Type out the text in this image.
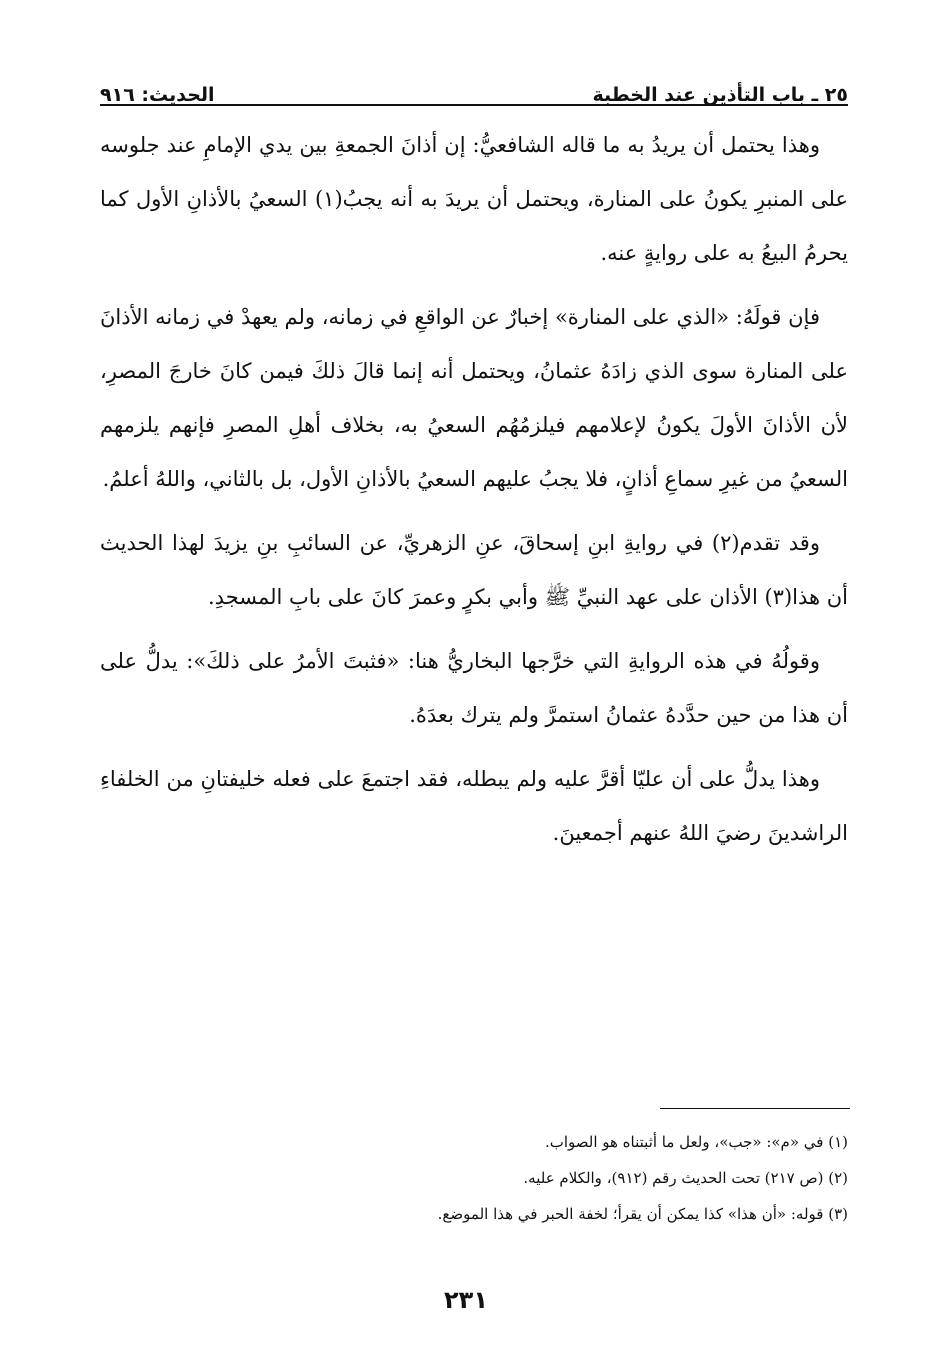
٢٥ ـ باب التأذين عند الخطبة
الحديث: ٩١٦

وهذا يحتمل أن يريدُ به ما قاله الشافعيُّ: إن أذانَ الجمعةِ بين يدي الإمامِ عند جلوسه على المنبرِ يكونُ على المنارة، ويحتمل أن يريدَ به أنه يجبُ(١) السعيُ بالأذانِ الأول كما يحرمُ البيعُ به على روايةٍ عنه.

فإن قولَهُ: «الذي على المنارة» إخبارٌ عن الواقعِ في زمانه، ولم يعهدْ في زمانه الأذانَ على المنارة سوى الذي زادَهُ عثمانُ، ويحتمل أنه إنما قالَ ذلكَ فيمن كانَ خارجَ المصرِ، لأن الأذانَ الأولَ يكونُ لإعلامهم فيلزمُهُم السعيُ به، بخلاف أهلِ المصرِ فإنهم يلزمهم السعيُ من غيرِ سماعِ أذانٍ، فلا يجبُ عليهم السعيُ بالأذانِ الأول، بل بالثاني، واللهُ أعلمُ.

وقد تقدم(٢) في روايةِ ابنِ إسحاقَ، عنِ الزهريِّ، عن السائبِ بنِ يزيدَ لهذا الحديث أن هذا(٣) الأذان على عهد النبيِّ ﷺ وأبي بكرٍ وعمرَ كانَ على بابِ المسجدِ.

وقولُهُ في هذه الروايةِ التي خرَّجها البخاريُّ هنا: «فثبتَ الأمرُ على ذلكَ»: يدلُّ على أن هذا من حين حدَّدهُ عثمانُ استمرَّ ولم يترك بعدَهُ.

وهذا يدلُّ على أن عليّا أقرَّ عليه ولم يبطله، فقد اجتمعَ على فعله خليفتانِ من الخلفاءِ الراشدينَ رضيَ اللهُ عنهم أجمعينَ.

(١) في «م»: «جب»، ولعل ما أثبتناه هو الصواب.

(٢) (ص ٢١٧) تحت الحديث رقم (٩١٢)، والكلام عليه.

(٣) قوله: «أن هذا» كذا يمكن أن يقرأ؛ لخفة الحبر في هذا الموضع.

٢٣١
